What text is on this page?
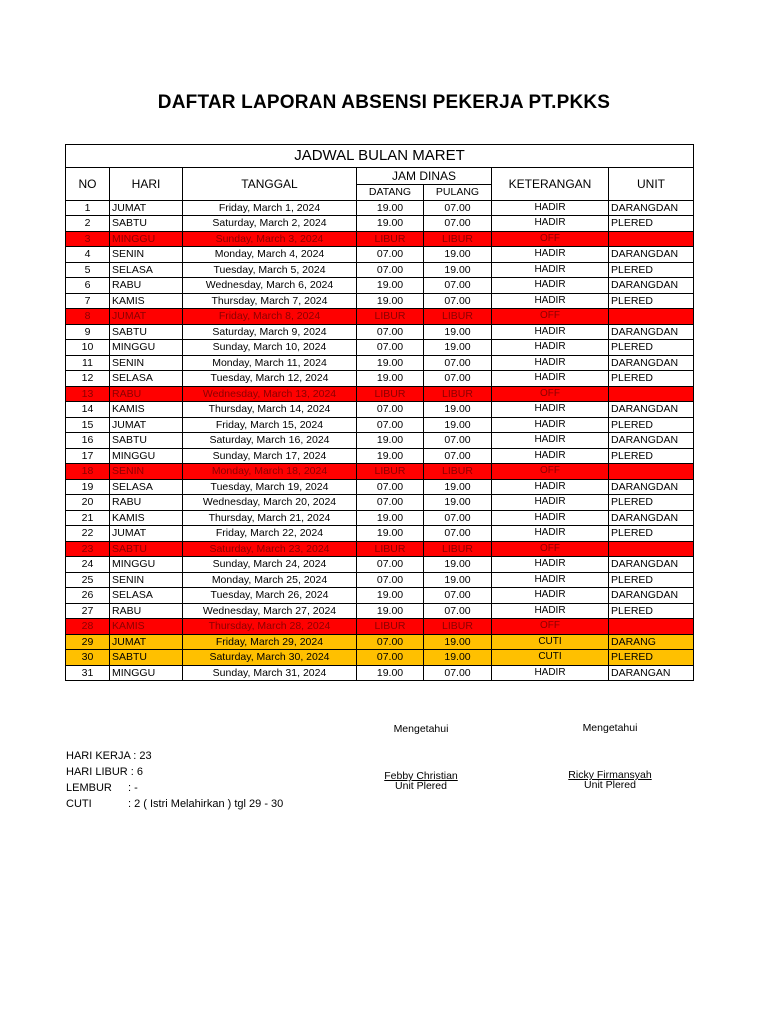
DAFTAR LAPORAN ABSENSI PEKERJA PT.PKKS
JADWAL BULAN MARET						
NO	HARI	TANGGAL	JAM DINAS		KETERANGAN	UNIT
			DATANG	PULANG		
1	JUMAT	Friday, March 1, 2024	19.00	07.00	HADIR	DARANGDAN
2	SABTU	Saturday, March 2, 2024	19.00	07.00	HADIR	PLERED
3	MINGGU	Sunday, March 3, 2024	LIBUR	LIBUR	OFF	
4	SENIN	Monday, March 4, 2024	07.00	19.00	HADIR	DARANGDAN
5	SELASA	Tuesday, March 5, 2024	07.00	19.00	HADIR	PLERED
6	RABU	Wednesday, March 6, 2024	19.00	07.00	HADIR	DARANGDAN
7	KAMIS	Thursday, March 7, 2024	19.00	07.00	HADIR	PLERED
8	JUMAT	Friday, March 8, 2024	LIBUR	LIBUR	OFF	
9	SABTU	Saturday, March 9, 2024	07.00	19.00	HADIR	DARANGDAN
10	MINGGU	Sunday, March 10, 2024	07.00	19.00	HADIR	PLERED
11	SENIN	Monday, March 11, 2024	19.00	07.00	HADIR	DARANGDAN
12	SELASA	Tuesday, March 12, 2024	19.00	07.00	HADIR	PLERED
13	RABU	Wednesday, March 13, 2024	LIBUR	LIBUR	OFF	
14	KAMIS	Thursday, March 14, 2024	07.00	19.00	HADIR	DARANGDAN
15	JUMAT	Friday, March 15, 2024	07.00	19.00	HADIR	PLERED
16	SABTU	Saturday, March 16, 2024	19.00	07.00	HADIR	DARANGDAN
17	MINGGU	Sunday, March 17, 2024	19.00	07.00	HADIR	PLERED
18	SENIN	Monday, March 18, 2024	LIBUR	LIBUR	OFF	
19	SELASA	Tuesday, March 19, 2024	07.00	19.00	HADIR	DARANGDAN
20	RABU	Wednesday, March 20, 2024	07.00	19.00	HADIR	PLERED
21	KAMIS	Thursday, March 21, 2024	19.00	07.00	HADIR	DARANGDAN
22	JUMAT	Friday, March 22, 2024	19.00	07.00	HADIR	PLERED
23	SABTU	Saturday, March 23, 2024	LIBUR	LIBUR	OFF	
24	MINGGU	Sunday, March 24, 2024	07.00	19.00	HADIR	DARANGDAN
25	SENIN	Monday, March 25, 2024	07.00	19.00	HADIR	PLERED
26	SELASA	Tuesday, March 26, 2024	19.00	07.00	HADIR	DARANGDAN
27	RABU	Wednesday, March 27, 2024	19.00	07.00	HADIR	PLERED
28	KAMIS	Thursday, March 28, 2024	LIBUR	LIBUR	OFF	
29	JUMAT	Friday, March 29, 2024	07.00	19.00	CUTI	DARANG
30	SABTU	Saturday, March 30, 2024	07.00	19.00	CUTI	PLERED
31	MINGGU	Sunday, March 31, 2024	19.00	07.00	HADIR	DARANGAN
Mengetahui
Febby Christian
Unit Plered
Mengetahui
Ricky Firmansyah
Unit Plered
HARI KERJA :
23
HARI LIBUR :
6
LEMBUR	: -
CUTI	: 2 ( Istri Melahirkan ) tgl 29 - 30
